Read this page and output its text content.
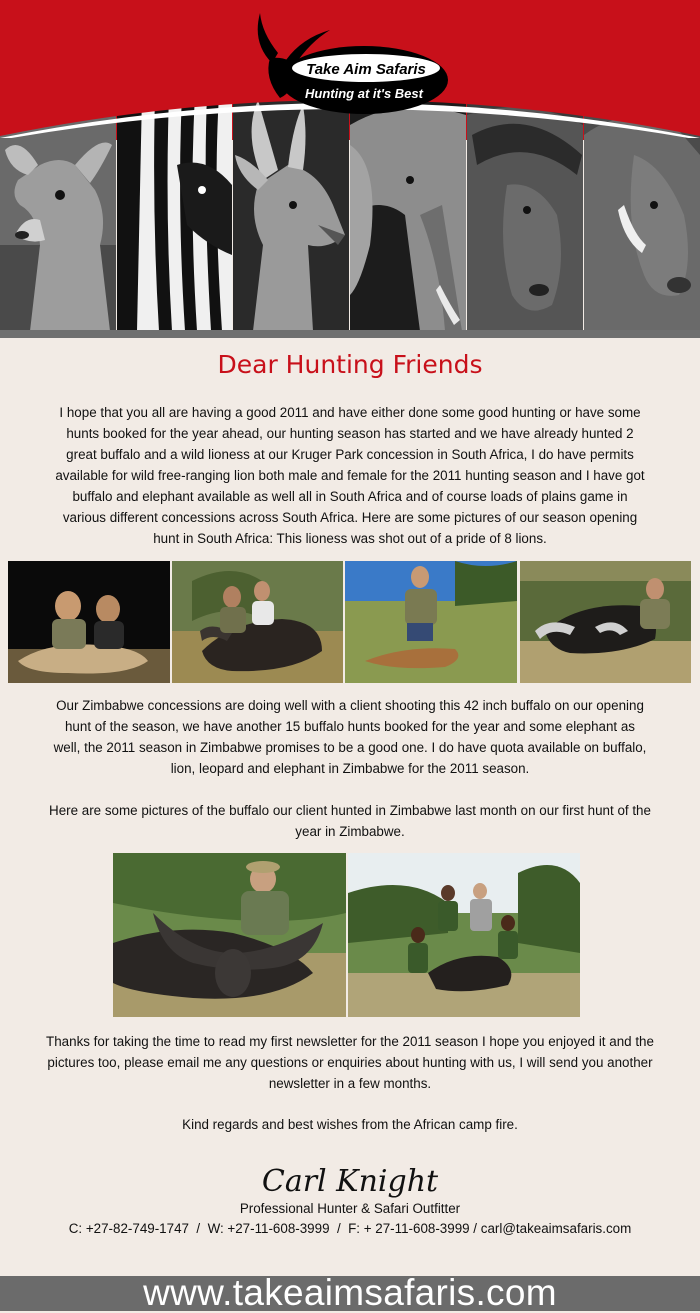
Take Aim Safaris
Hunting at it's Best
Dear Hunting Friends

I hope that you all are having a good 2011 and have either done some good hunting or have some hunts booked for the year ahead, our hunting season has started and we have already hunted 2 great buffalo and a wild lioness at our Kruger Park concession in South Africa, I do have permits available for wild free-ranging lion both male and female for the 2011 hunting season and I have got buffalo and elephant available as well all in South Africa and of course loads of plains game in various different concessions across South Africa. Here are some pictures of our season opening hunt in South Africa: This lioness was shot out of a pride of 8 lions.

Our Zimbabwe concessions are doing well with a client shooting this 42 inch buffalo on our opening hunt of the season, we have another 15 buffalo hunts booked for the year and some elephant as well, the 2011 season in Zimbabwe promises to be a good one. I do have quota available on buffalo, lion, leopard and elephant in Zimbabwe for the 2011 season.

Here are some pictures of the buffalo our client hunted in Zimbabwe last month on our first hunt of the year in Zimbabwe.

Thanks for taking the time to read my first newsletter for the 2011 season I hope you enjoyed it and the pictures too, please email me any questions or enquiries about hunting with us, I will send you another newsletter in a few months.

Kind regards and best wishes from the African camp fire.

Carl Knight
Professional Hunter & Safari Outfitter
C: +27-82-749-1747  /  W: +27-11-608-3999  /  F: + 27-11-608-3999 / carl@takeaimsafaris.com
www.takeaimsafaris.com
